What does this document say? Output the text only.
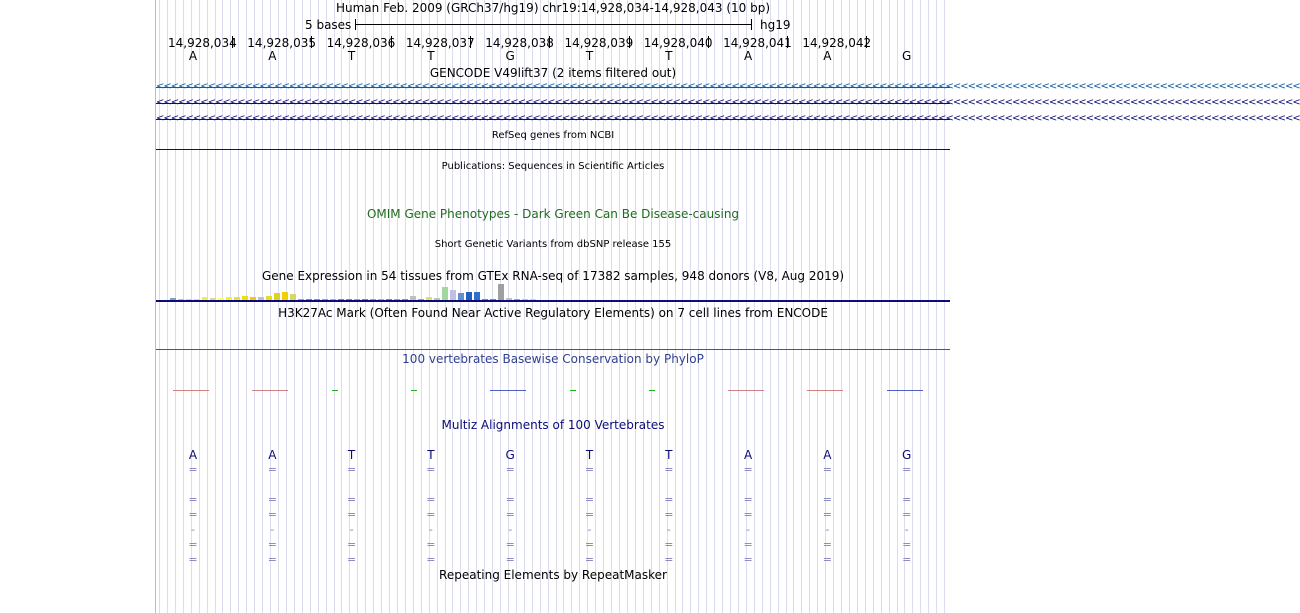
Human Feb. 2009 (GRCh37/hg19) chr19:14,928,034-14,928,043 (10 bp)
5 bases	hg19
14,928,034 14,928,035 14,928,036 14,928,037 14,928,038 14,928,039 14,928,040 14,928,041 14,928,042
A	A	T	T	G	T	T	A	A	G
GENCODE V49lift37 (2 items filtered out)
<<<<<<<<<<<<<<<<<<<<<<<<<<<<<<<<<<<<<<<<<<<<<<<<<<<<<<<<<<<<<<<<<<<<<<<<<<<<<<<<<<<<<<<<<<<<<<<<<<<<<<<<<<<<<<<<<<<<<<<<<<<<<<<<<<<<<<<<<<<<<<<<<<<<<<<<<<<
<<<<<<<<<<<<<<<<<<<<<<<<<<<<<<<<<<<<<<<<<<<<<<<<<<<<<<<<<<<<<<<<<<<<<<<<<<<<<<<<<<<<<<<<<<<<<<<<<<<<<<<<<<<<<<<<<<<<<<<<<<<<<<<<<<<<<<<<<<<<<<<<<<<<<<<<<<<
<<<<<<<<<<<<<<<<<<<<<<<<<<<<<<<<<<<<<<<<<<<<<<<<<<<<<<<<<<<<<<<<<<<<<<<<<<<<<<<<<<<<<<<<<<<<<<<<<<<<<<<<<<<<<<<<<<<<<<<<<<<<<<<<<<<<<<<<<<<<<<<<<<<<<<<<<<<
RefSeq genes from NCBI
Publications: Sequences in Scientific Articles
OMIM Gene Phenotypes - Dark Green Can Be Disease-causing
Short Genetic Variants from dbSNP release 155
Gene Expression in 54 tissues from GTEx RNA-seq of 17382 samples, 948 donors (V8, Aug 2019)
H3K27Ac Mark (Often Found Near Active Regulatory Elements) on 7 cell lines from ENCODE
100 vertebrates Basewise Conservation by PhyloP
Multiz Alignments of 100 Vertebrates
A	A	T	T	G	T	T	A	A	G
=	=	=	=	=	=	=	=	=	=
=	=	=	=	=	=	=	=	=	=
=	=	=	=	=	=	=	=	=	=
-	-	-	-	-	-	-	-	-	-
=	=	=	=	=	=	=	=	=	=
=	=	=	=	=	=	=	=	=	=
Repeating Elements by RepeatMasker
